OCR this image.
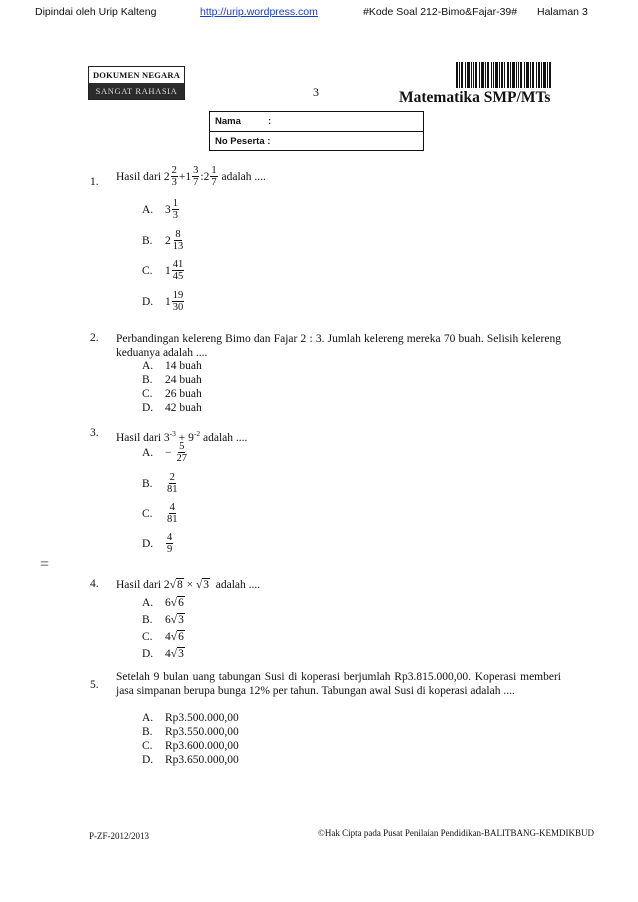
Dipindai oleh Urip Kalteng	http://urip.wordpress.com	#Kode Soal 212-Bimo&Fajar-39# Halaman 3
DOKUMEN NEGARA
SANGAT RAHASIA	3	Matematika SMP/MTs
Nama	:
No Peserta :
1. Hasil dari
$2 \frac{2}{3} + 1 \frac{3}{7}$ : $2 \frac{1}{7}$
adalah ....
A.	$3 \frac{1}{3}$
B.	$2 \frac{8}{13}$
C.	$1 \frac{41}{45}$
D.	$1 \frac{19}{30}$
2. Perbandingan kelereng Bimo dan Fajar 2 : 3. Jumlah kelereng mereka 70 buah. Selisih kelereng keduanya adalah ....
A. 14 buah
B. 24 buah
C. 26 buah
D. 42 buah
3. Hasil dari $3^{-3} + 9^{-2}$ adalah ....
A.	− $\frac{5}{27}$
B.	$\frac{2}{81}$
C.	$\frac{4}{81}$
D.	$\frac{4}{9}$
=
4. Hasil dari 2√8 × √3 adalah ....
A. 6√6
B. 6√3
C. 4√6
D. 4√3
5.
Setelah 9 bulan uang tabungan Susi di koperasi berjumlah Rp3.815.000,00. Koperasi memberi jasa simpanan berupa bunga 12% per tahun. Tabungan awal Susi di koperasi adalah ....
A. Rp3.500.000,00
B. Rp3.550.000,00
C. Rp3.600.000,00
D. Rp3.650.000,00
P-ZF-2012/2013	©Hak Cipta pada Pusat Penilaian Pendidikan-BALITBANG-KEMDIKBUD
